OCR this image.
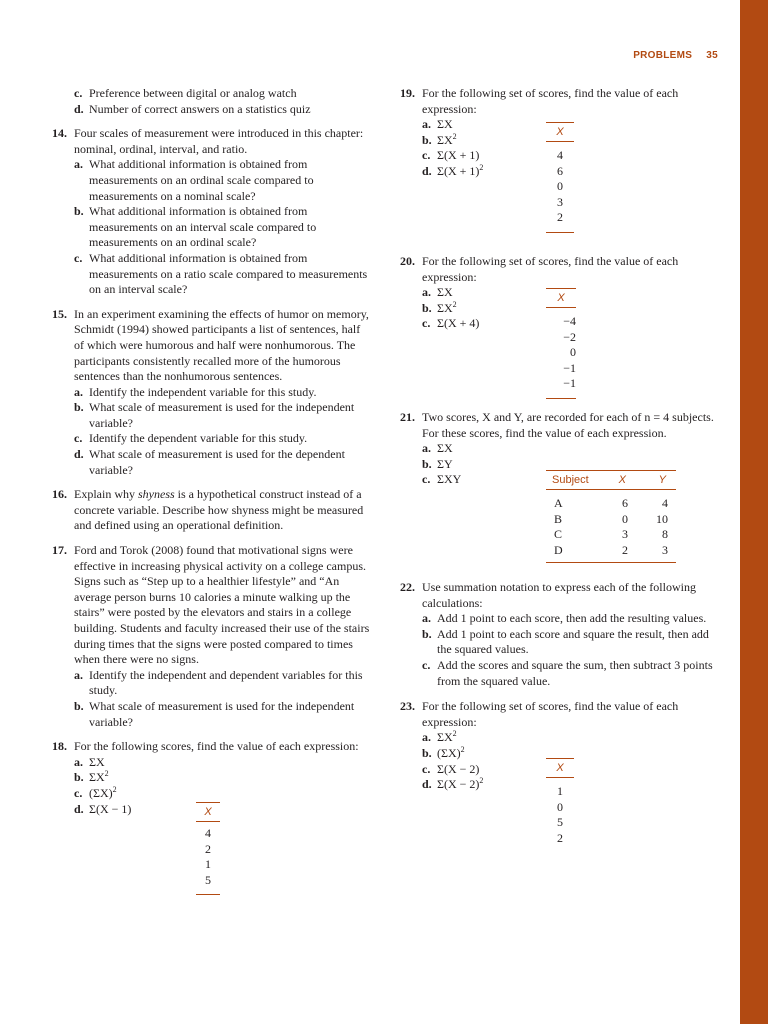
PROBLEMS 35
c. Preference between digital or analog watch
d. Number of correct answers on a statistics quiz
14. Four scales of measurement were introduced in this chapter: nominal, ordinal, interval, and ratio.
a. What additional information is obtained from measurements on an ordinal scale compared to measurements on a nominal scale?
b. What additional information is obtained from measurements on an interval scale compared to measurements on an ordinal scale?
c. What additional information is obtained from measurements on a ratio scale compared to measurements on an interval scale?
15. In an experiment examining the effects of humor on memory, Schmidt (1994) showed participants a list of sentences, half of which were humorous and half were nonhumorous. The participants consistently recalled more of the humorous sentences than the nonhumorous sentences.
a. Identify the independent variable for this study.
b. What scale of measurement is used for the independent variable?
c. Identify the dependent variable for this study.
d. What scale of measurement is used for the dependent variable?
16. Explain why shyness is a hypothetical construct instead of a concrete variable. Describe how shyness might be measured and defined using an operational definition.
17. Ford and Torok (2008) found that motivational signs were effective in increasing physical activity on a college campus. Signs such as “Step up to a healthier lifestyle” and “An average person burns 10 calories a minute walking up the stairs” were posted by the elevators and stairs in a college building. Students and faculty increased their use of the stairs during times that the signs were posted compared to times when there were no signs.
a. Identify the independent and dependent variables for this study.
b. What scale of measurement is used for the independent variable?
18. For the following scores, find the value of each expression:
a. ΣX
b. $\Sigma X^2$
c. $(\Sigma X)^2$
d. Σ(X − 1)	X
4
2
1
5
19. For the following set of scores, find the value of each expression:
a. ΣX
b. $\Sigma X^2$
c. Σ(X + 1)
d. $\Sigma(X + 1)^2$
20. For the following set of scores, find the value of each expression:
a. ΣX
b. $\Sigma X^2$
c. Σ(X + 4)
21. Two scores, X and Y, are recorded for each of n = 4 subjects. For these scores, find the value of each expression.
a. ΣX
b. ΣY
c. ΣXY
22. Use summation notation to express each of the following calculations:
a. Add 1 point to each score, then add the resulting values.
b. Add 1 point to each score and square the result, then add the squared values.
c. Add the scores and square the sum, then subtract 3 points from the squared value.
23. For the following set of scores, find the value of each expression:
a. $\Sigma X^2$
b. $(\Sigma X)^2$
c. Σ(X − 2)
d. $\Sigma(X - 2)^2$
X
4
6
0
3
2
X
−4
−2
0
−1
−1
Subject	X	Y
A	6	4
B	0	10
C	3	8
D	2	3
X
1
0
5
2
